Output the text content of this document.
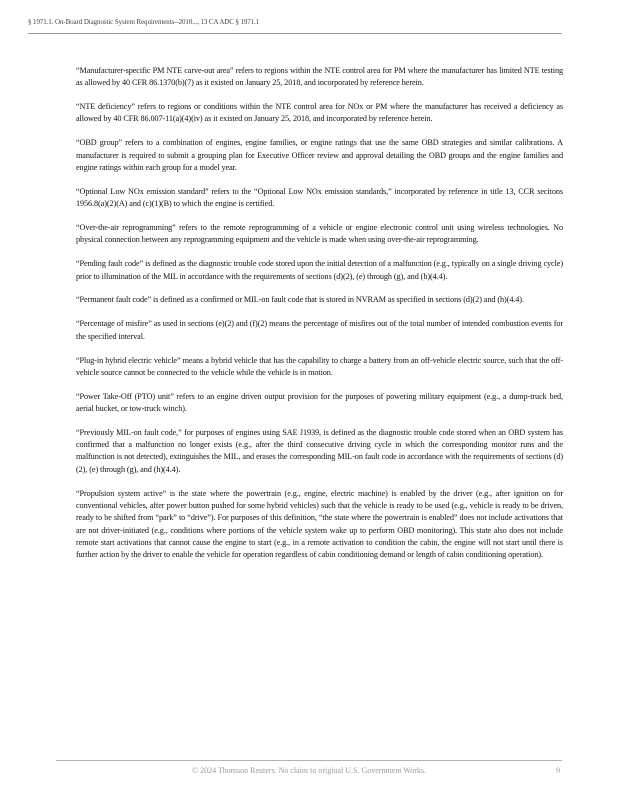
§ 1971.1. On-Board Diagnostic System Requirements--2010..., 13 CA ADC § 1971.1

“Manufacturer-specific PM NTE carve-out area” refers to regions within the NTE control area for PM where the manufacturer has limited NTE testing as allowed by 40 CFR 86.1370(b)(7) as it existed on January 25, 2018, and incorporated by reference herein.

“NTE deficiency” refers to regions or conditions within the NTE control area for NOx or PM where the manufacturer has received a deficiency as allowed by 40 CFR 86.007-11(a)(4)(iv) as it existed on January 25, 2018, and incorporated by reference herein.

“OBD group” refers to a combination of engines, engine families, or engine ratings that use the same OBD strategies and similar calibrations. A manufacturer is required to submit a grouping plan for Executive Officer review and approval detailing the OBD groups and the engine families and engine ratings within each group for a model year.

“Optional Low NOx emission standard” refers to the “Optional Low NOx emission standards,” incorporated by reference in title 13, CCR secitons 1956.8(a)(2)(A) and (c)(1)(B) to which the engine is certified.

“Over-the-air reprogramming” refers to the remote reprogramming of a vehicle or engine electronic control unit using wireless technologies. No physical connection between any reprogramming equipment and the vehicle is made when using over-the-air reprogramming.

“Pending fault code” is defined as the diagnostic trouble code stored upon the initial detection of a malfunction (e.g., typically on a single driving cycle) prior to illumination of the MIL in accordance with the requirements of sections (d)(2), (e) through (g), and (h)(4.4).

“Permanent fault code” is defined as a confirmed or MIL-on fault code that is stored in NVRAM as specified in sections (d)(2) and (h)(4.4).

“Percentage of misfire” as used in sections (e)(2) and (f)(2) means the percentage of misfires out of the total number of intended combustion events for the specified interval.

“Plug-in hybrid electric vehicle” means a hybrid vehicle that has the capability to charge a battery from an off-vehicle electric source, such that the off-vehicle source cannot be connected to the vehicle while the vehicle is in motion.

“Power Take-Off (PTO) unit” refers to an engine driven output provision for the purposes of powering military equipment (e.g., a dump-truck bed, aerial bucket, or tow-truck winch).

“Previously MIL-on fault code,” for purposes of engines using SAE J1939, is defined as the diagnostic trouble code stored when an OBD system has confirmed that a malfunction no longer exists (e.g., after the third consecutive driving cycle in which the corresponding monitor runs and the malfunction is not detected), extinguishes the MIL, and erases the corresponding MIL-on fault code in accordance with the requirements of sections (d)(2), (e) through (g), and (h)(4.4).

“Propulsion system active” is the state where the powertrain (e.g., engine, electric machine) is enabled by the driver (e.g., after ignition on for conventional vehicles, after power button pushed for some hybrid vehicles) such that the vehicle is ready to be used (e.g., vehicle is ready to be driven, ready to be shifted from “park” to “drive”). For purposes of this definition, “the state where the powertrain is enabled” does not include activations that are not driver-initiated (e.g., conditions where portions of the vehicle system wake up to perform OBD monitoring). This state also does not include remote start activations that cannot cause the engine to start (e.g., in a remote activation to condition the cabin, the engine will not start until there is further action by the driver to enable the vehicle for operation regardless of cabin conditioning demand or length of cabin conditioning operation).

© 2024 Thomson Reuters. No claim to original U.S. Government Works.	9
